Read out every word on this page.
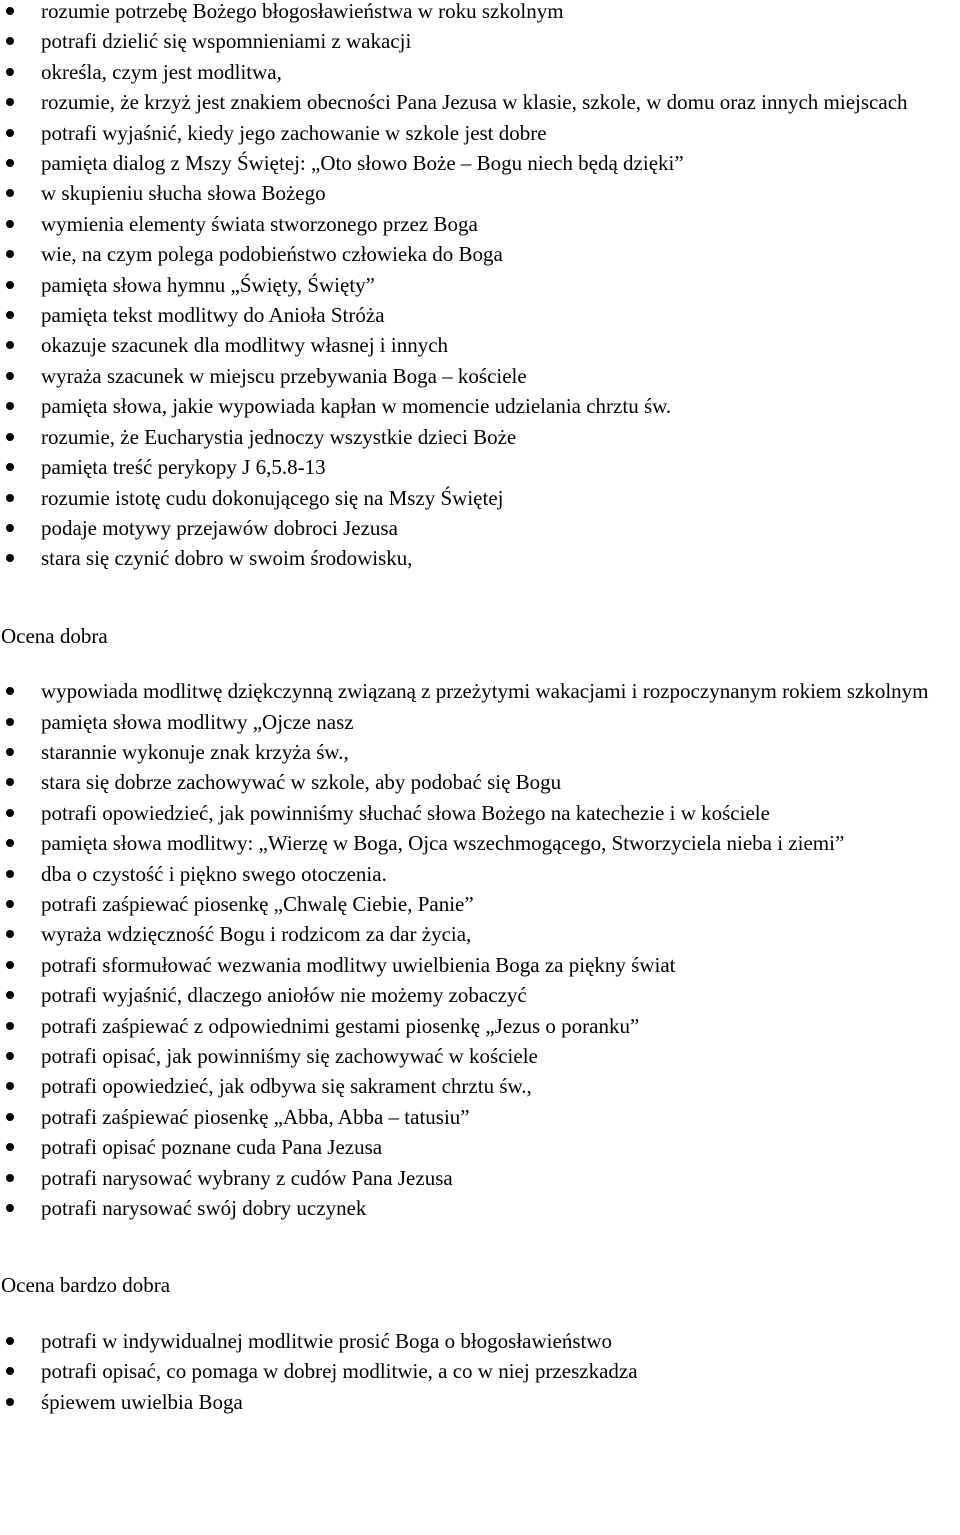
rozumie potrzebę Bożego błogosławieństwa w roku szkolnym
potrafi dzielić się wspomnieniami z wakacji
określa, czym jest modlitwa,
rozumie, że krzyż jest znakiem obecności Pana Jezusa w klasie, szkole, w domu oraz innych miejscach
potrafi wyjaśnić, kiedy jego zachowanie w szkole jest dobre
pamięta dialog z Mszy Świętej: „Oto słowo Boże – Bogu niech będą dzięki”
w skupieniu słucha słowa Bożego
wymienia elementy świata stworzonego przez Boga
wie, na czym polega podobieństwo człowieka do Boga
pamięta słowa hymnu „Święty, Święty”
pamięta tekst modlitwy do Anioła Stróża
okazuje szacunek dla modlitwy własnej i innych
wyraża szacunek w miejscu przebywania Boga – kościele
pamięta słowa, jakie wypowiada kapłan w momencie udzielania chrztu św.
rozumie, że Eucharystia jednoczy wszystkie dzieci Boże
pamięta treść perykopy J 6,5.8-13
rozumie istotę cudu dokonującego się na Mszy Świętej
podaje motywy przejawów dobroci Jezusa
stara się czynić dobro w swoim środowisku,
Ocena dobra
wypowiada modlitwę dziękczynną związaną z przeżytymi wakacjami i rozpoczynanym rokiem szkolnym
pamięta słowa modlitwy „Ojcze nasz
starannie wykonuje znak krzyża św.,
stara się dobrze zachowywać w szkole, aby podobać się Bogu
potrafi opowiedzieć, jak powinniśmy słuchać słowa Bożego na katechezie i w kościele
pamięta słowa modlitwy: „Wierzę w Boga, Ojca wszechmogącego, Stworzyciela nieba i ziemi”
dba o czystość i piękno swego otoczenia.
potrafi zaśpiewać piosenkę „Chwalę Ciebie, Panie”
wyraża wdzięczność Bogu i rodzicom za dar życia,
potrafi sformułować wezwania modlitwy uwielbienia Boga za piękny świat
potrafi wyjaśnić, dlaczego aniołów nie możemy zobaczyć
potrafi zaśpiewać z odpowiednimi gestami piosenkę „Jezus o poranku”
potrafi opisać, jak powinniśmy się zachowywać w kościele
potrafi opowiedzieć, jak odbywa się sakrament chrztu św.,
potrafi zaśpiewać piosenkę „Abba, Abba – tatusiu”
potrafi opisać poznane cuda Pana Jezusa
potrafi narysować wybrany z cudów Pana Jezusa
potrafi narysować swój dobry uczynek
Ocena bardzo dobra
potrafi w indywidualnej modlitwie prosić Boga o błogosławieństwo
potrafi opisać, co pomaga w dobrej modlitwie, a co w niej przeszkadza
śpiewem uwielbia Boga
